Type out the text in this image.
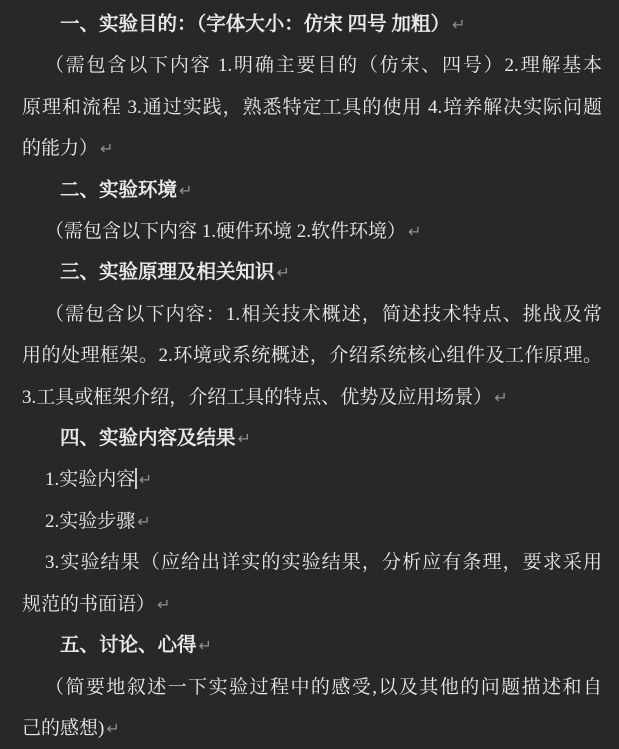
一、实验目的：（字体大小：仿宋 四号 加粗） ↵
（需包含以下内容 1.明确主要目的（仿宋、四号）2.理解基本
原理和流程 3.通过实践，熟悉特定工具的使用 4.培养解决实际问题
的能力） ↵
二、实验环境 ↵
（需包含以下内容 1.硬件环境 2.软件环境） ↵
三、实验原理及相关知识 ↵
（需包含以下内容：1.相关技术概述，简述技术特点、挑战及常
用的处理框架。2.环境或系统概述，介绍系统核心组件及工作原理。
3.工具或框架介绍，介绍工具的特点、优势及应用场景） ↵
四、实验内容及结果 ↵
1.实验内容 ↵
2.实验步骤 ↵
3.实验结果（应给出详实的实验结果，分析应有条理，要求采用
规范的书面语） ↵
五、讨论、心得 ↵
（简要地叙述一下实验过程中的感受,以及其他的问题描述和自
己的感想) ↵
